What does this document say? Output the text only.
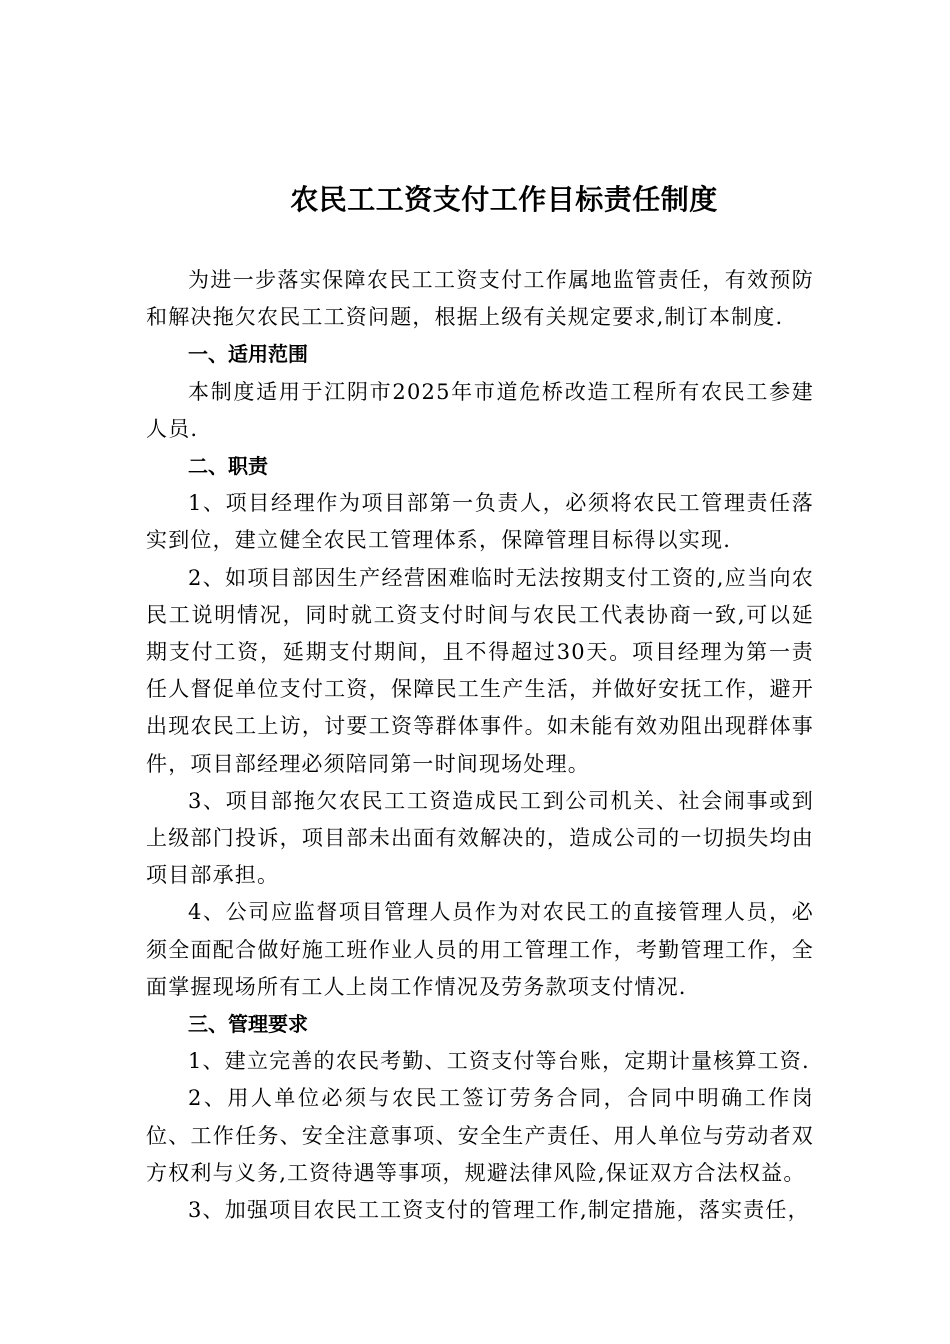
农民工工资支付工作目标责任制度

为进一步落实保障农民工工资支付工作属地监管责任，有效预防和解决拖欠农民工工资问题，根据上级有关规定要求,制订本制度.

一、适用范围

本制度适用于江阴市2025年市道危桥改造工程所有农民工参建人员.

二、职责

1、项目经理作为项目部第一负责人，必须将农民工管理责任落实到位，建立健全农民工管理体系，保障管理目标得以实现.

2、如项目部因生产经营困难临时无法按期支付工资的,应当向农民工说明情况，同时就工资支付时间与农民工代表协商一致,可以延期支付工资，延期支付期间，且不得超过30天。项目经理为第一责任人督促单位支付工资，保障民工生产生活，并做好安抚工作，避开出现农民工上访，讨要工资等群体事件。如未能有效劝阻出现群体事件，项目部经理必须陪同第一时间现场处理。

3、项目部拖欠农民工工资造成民工到公司机关、社会闹事或到上级部门投诉，项目部未出面有效解决的，造成公司的一切损失均由项目部承担。

4、公司应监督项目管理人员作为对农民工的直接管理人员，必须全面配合做好施工班作业人员的用工管理工作，考勤管理工作，全面掌握现场所有工人上岗工作情况及劳务款项支付情况.

三、管理要求

1、建立完善的农民考勤、工资支付等台账，定期计量核算工资.

2、用人单位必须与农民工签订劳务合同，合同中明确工作岗位、工作任务、安全注意事项、安全生产责任、用人单位与劳动者双方权利与义务,工资待遇等事项，规避法律风险,保证双方合法权益。

3、加强项目农民工工资支付的管理工作,制定措施，落实责任，
